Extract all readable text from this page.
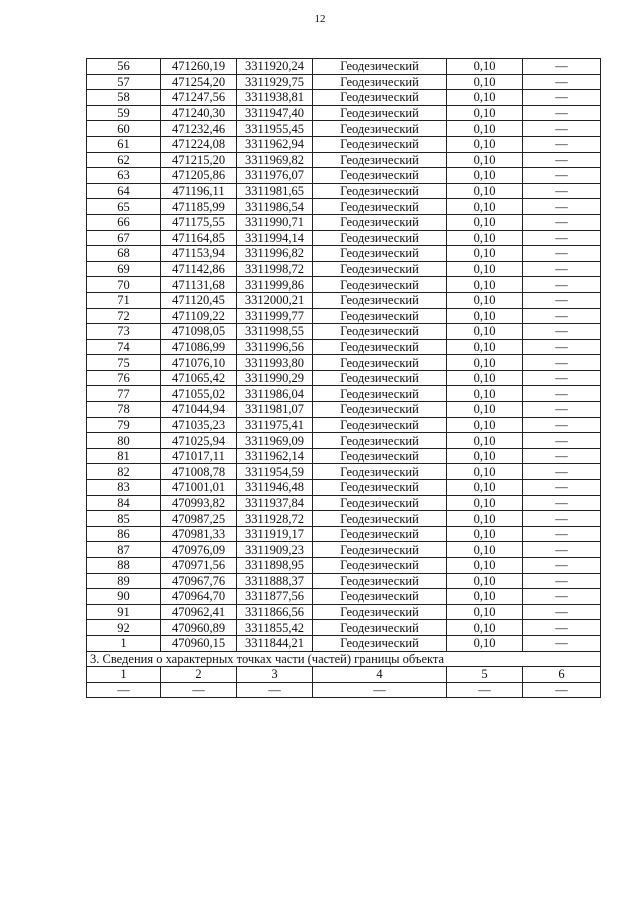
12
56	471260,19	3311920,24	Геодезический	0,10	—
57	471254,20	3311929,75	Геодезический	0,10	—
58	471247,56	3311938,81	Геодезический	0,10	—
59	471240,30	3311947,40	Геодезический	0,10	—
60	471232,46	3311955,45	Геодезический	0,10	—
61	471224,08	3311962,94	Геодезический	0,10	—
62	471215,20	3311969,82	Геодезический	0,10	—
63	471205,86	3311976,07	Геодезический	0,10	—
64	471196,11	3311981,65	Геодезический	0,10	—
65	471185,99	3311986,54	Геодезический	0,10	—
66	471175,55	3311990,71	Геодезический	0,10	—
67	471164,85	3311994,14	Геодезический	0,10	—
68	471153,94	3311996,82	Геодезический	0,10	—
69	471142,86	3311998,72	Геодезический	0,10	—
70	471131,68	3311999,86	Геодезический	0,10	—
71	471120,45	3312000,21	Геодезический	0,10	—
72	471109,22	3311999,77	Геодезический	0,10	—
73	471098,05	3311998,55	Геодезический	0,10	—
74	471086,99	3311996,56	Геодезический	0,10	—
75	471076,10	3311993,80	Геодезический	0,10	—
76	471065,42	3311990,29	Геодезический	0,10	—
77	471055,02	3311986,04	Геодезический	0,10	—
78	471044,94	3311981,07	Геодезический	0,10	—
79	471035,23	3311975,41	Геодезический	0,10	—
80	471025,94	3311969,09	Геодезический	0,10	—
81	471017,11	3311962,14	Геодезический	0,10	—
82	471008,78	3311954,59	Геодезический	0,10	—
83	471001,01	3311946,48	Геодезический	0,10	—
84	470993,82	3311937,84	Геодезический	0,10	—
85	470987,25	3311928,72	Геодезический	0,10	—
86	470981,33	3311919,17	Геодезический	0,10	—
87	470976,09	3311909,23	Геодезический	0,10	—
88	470971,56	3311898,95	Геодезический	0,10	—
89	470967,76	3311888,37	Геодезический	0,10	—
90	470964,70	3311877,56	Геодезический	0,10	—
91	470962,41	3311866,56	Геодезический	0,10	—
92	470960,89	3311855,42	Геодезический	0,10	—
1	470960,15	3311844,21	Геодезический	0,10	—
3. Сведения о характерных точках части (частей) границы объекта					
1	2	3	4	5	6
—	—	—	—	—	—
